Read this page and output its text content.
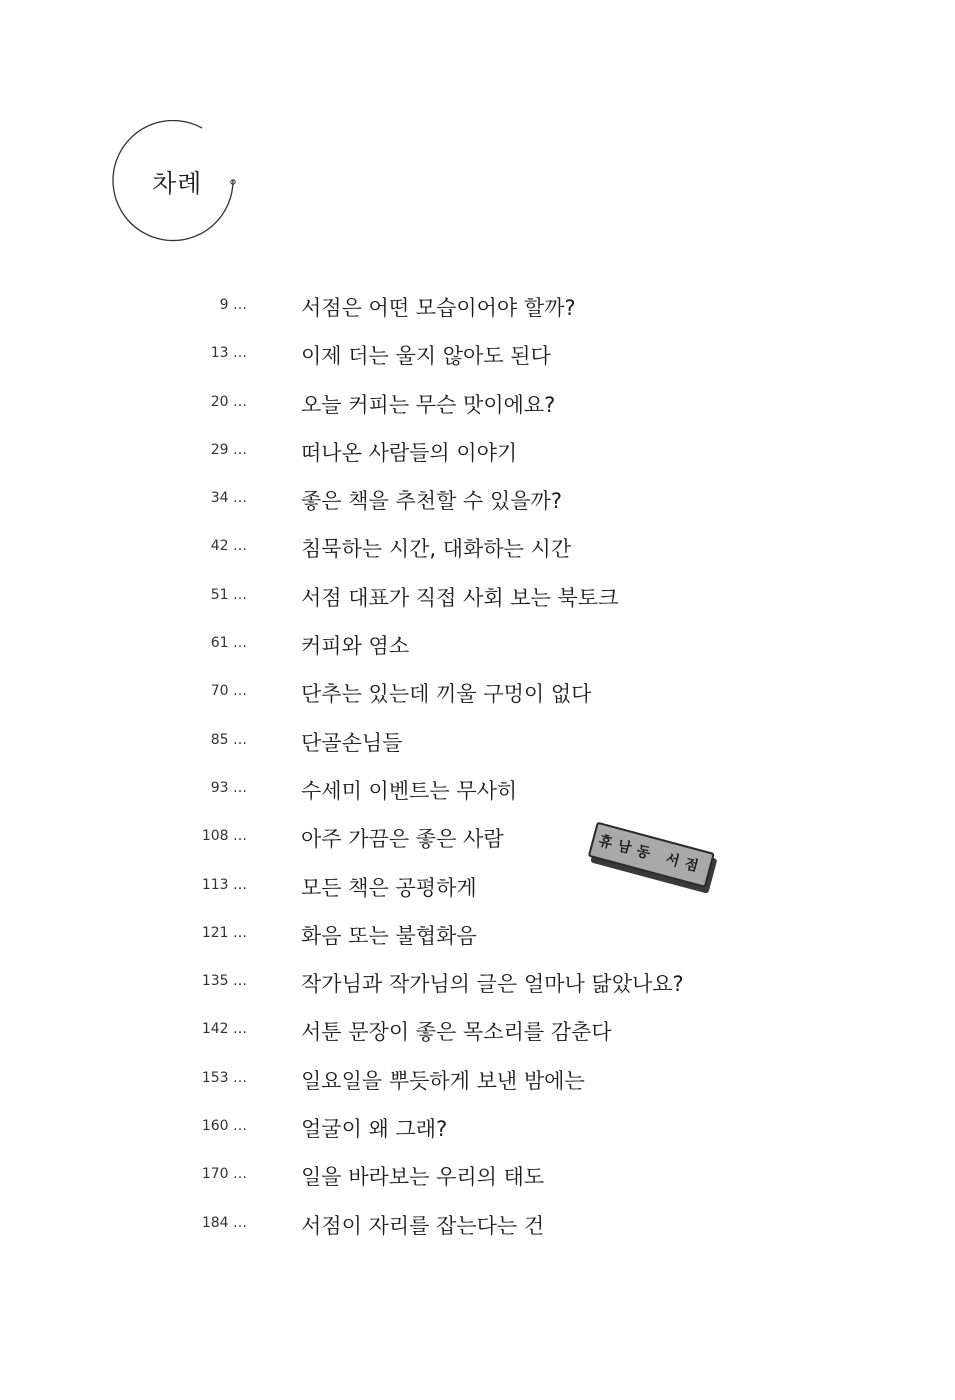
차례
9 …	서점은 어떤 모습이어야 할까?
13 …	이제 더는 울지 않아도 된다
20 …	오늘 커피는 무슨 맛이에요?
29 …	떠나온 사람들의 이야기
34 …	좋은 책을 추천할 수 있을까?
42 …	침묵하는 시간, 대화하는 시간
51 …	서점 대표가 직접 사회 보는 북토크
61 …	커피와 염소
70 …	단추는 있는데 끼울 구멍이 없다
85 …	단골손님들
93 …	수세미 이벤트는 무사히
108 …	아주 가끔은 좋은 사람
113 …	모든 책은 공평하게
121 …	화음 또는 불협화음
135 …	작가님과 작가님의 글은 얼마나 닮았나요?
142 …	서툰 문장이 좋은 목소리를 감춘다
153 …	일요일을 뿌듯하게 보낸 밤에는
160 …	얼굴이 왜 그래?
170 …	일을 바라보는 우리의 태도
184 …	서점이 자리를 잡는다는 건
휴남동 서점
